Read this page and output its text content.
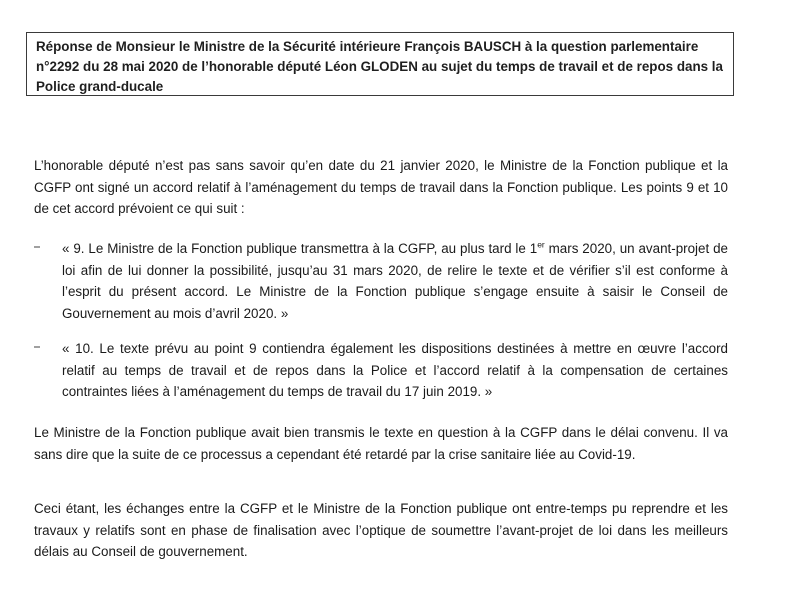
Réponse de Monsieur le Ministre de la Sécurité intérieure François BAUSCH à la question parlementaire n°2292 du 28 mai 2020 de l’honorable député Léon GLODEN au sujet du temps de travail et de repos dans la Police grand-ducale

L’honorable député n’est pas sans savoir qu’en date du 21 janvier 2020, le Ministre de la Fonction publique et la CGFP ont signé un accord relatif à l’aménagement du temps de travail dans la Fonction publique. Les points 9 et 10 de cet accord prévoient ce qui suit :

« 9. Le Ministre de la Fonction publique transmettra à la CGFP, au plus tard le 1er mars 2020, un avant-projet de loi afin de lui donner la possibilité, jusqu’au 31 mars 2020, de relire le texte et de vérifier s’il est conforme à l’esprit du présent accord. Le Ministre de la Fonction publique s’engage ensuite à saisir le Conseil de Gouvernement au mois d’avril 2020. »

« 10. Le texte prévu au point 9 contiendra également les dispositions destinées à mettre en œuvre l’accord relatif au temps de travail et de repos dans la Police et l’accord relatif à la compensation de certaines contraintes liées à l’aménagement du temps de travail du 17 juin 2019. »

Le Ministre de la Fonction publique avait bien transmis le texte en question à la CGFP dans le délai convenu. Il va sans dire que la suite de ce processus a cependant été retardé par la crise sanitaire liée au Covid-19.

Ceci étant, les échanges entre la CGFP et le Ministre de la Fonction publique ont entre-temps pu reprendre et les travaux y relatifs sont en phase de finalisation avec l’optique de soumettre l’avant-projet de loi dans les meilleurs délais au Conseil de gouvernement.
